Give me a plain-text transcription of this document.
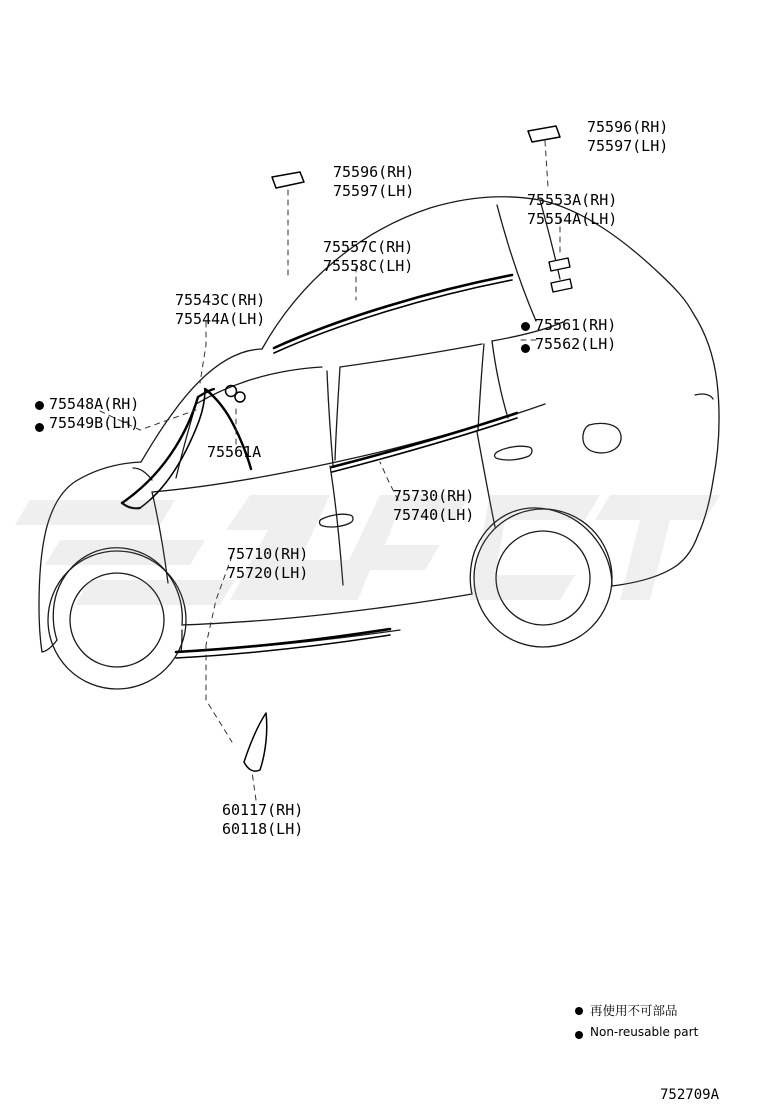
75596(RH)
75597(LH)
75596(RH)
75597(LH)	75553A(RH)
75554A(LH)
75557C(RH)
75558C(LH)
75543C(RH)
75544A(LH)	75561(RH)
75562(LH)
75548A(RH)
75549B(LH)
75561A
75730(RH)
75740(LH)
75710(RH)
75720(LH)
60117(RH)
60118(LH)
再使用不可部品
Non-reusable part
752709A
